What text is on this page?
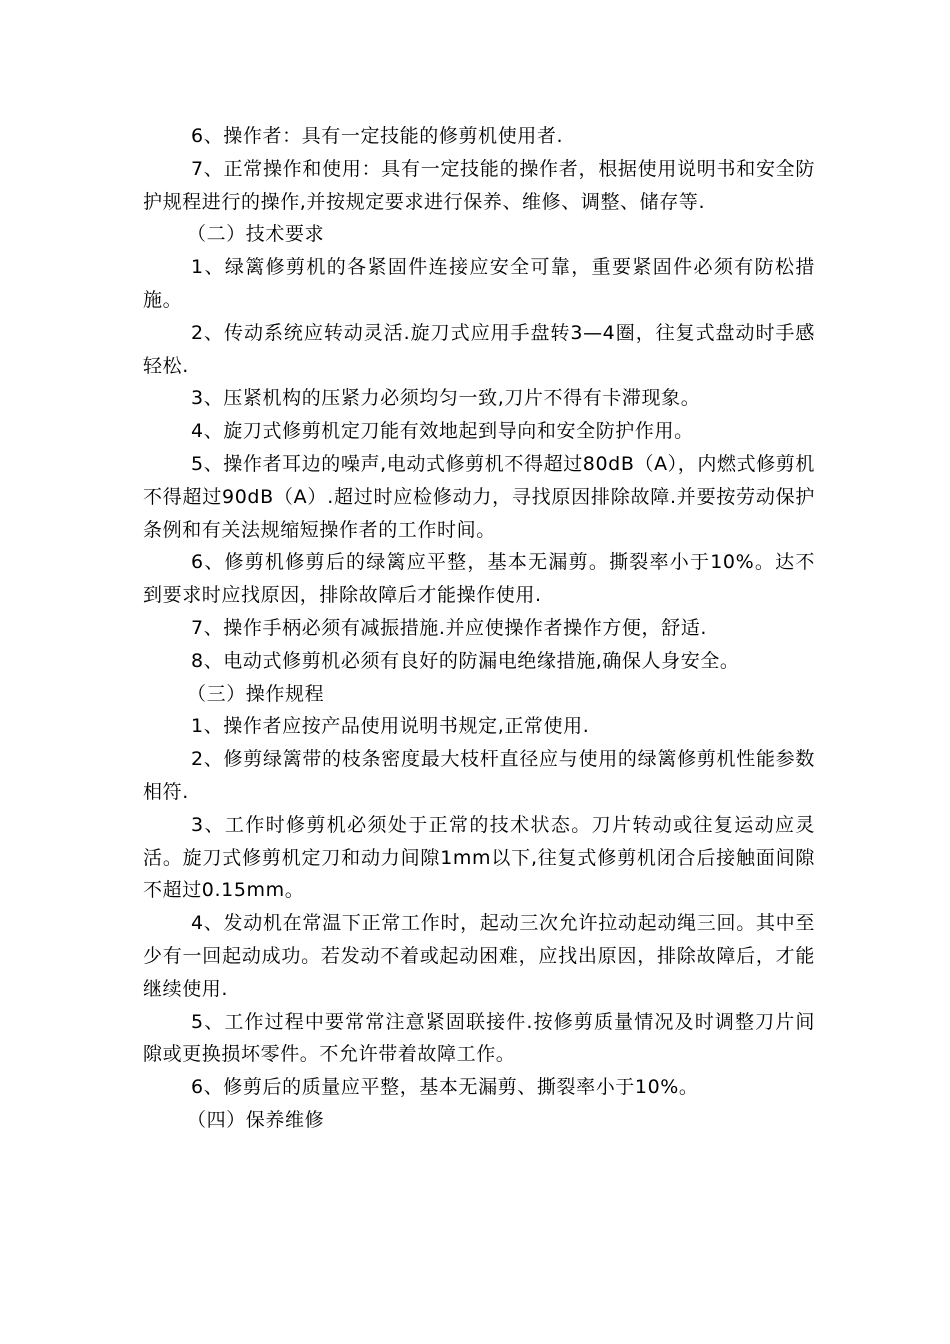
6、操作者：具有一定技能的修剪机使用者.

7、正常操作和使用：具有一定技能的操作者，根据使用说明书和安全防护规程进行的操作,并按规定要求进行保养、维修、调整、储存等.

（二）技术要求

1、绿篱修剪机的各紧固件连接应安全可靠，重要紧固件必须有防松措施。

2、传动系统应转动灵活.旋刀式应用手盘转3—4圈，往复式盘动时手感轻松.

3、压紧机构的压紧力必须均匀一致,刀片不得有卡滞现象。

4、旋刀式修剪机定刀能有效地起到导向和安全防护作用。

5、操作者耳边的噪声,电动式修剪机不得超过80dB（A），内燃式修剪机不得超过90dB（A）.超过时应检修动力，寻找原因排除故障.并要按劳动保护条例和有关法规缩短操作者的工作时间。

6、修剪机修剪后的绿篱应平整，基本无漏剪。撕裂率小于10%。达不到要求时应找原因，排除故障后才能操作使用.

7、操作手柄必须有减振措施.并应使操作者操作方便，舒适.

8、电动式修剪机必须有良好的防漏电绝缘措施,确保人身安全。

（三）操作规程

1、操作者应按产品使用说明书规定,正常使用.

2、修剪绿篱带的枝条密度最大枝杆直径应与使用的绿篱修剪机性能参数相符.

3、工作时修剪机必须处于正常的技术状态。刀片转动或往复运动应灵活。旋刀式修剪机定刀和动力间隙1mm以下,往复式修剪机闭合后接触面间隙不超过0.15mm。

4、发动机在常温下正常工作时，起动三次允许拉动起动绳三回。其中至少有一回起动成功。若发动不着或起动困难，应找出原因，排除故障后，才能继续使用.

5、工作过程中要常常注意紧固联接件.按修剪质量情况及时调整刀片间隙或更换损坏零件。不允许带着故障工作。

6、修剪后的质量应平整，基本无漏剪、撕裂率小于10%。

（四）保养维修
